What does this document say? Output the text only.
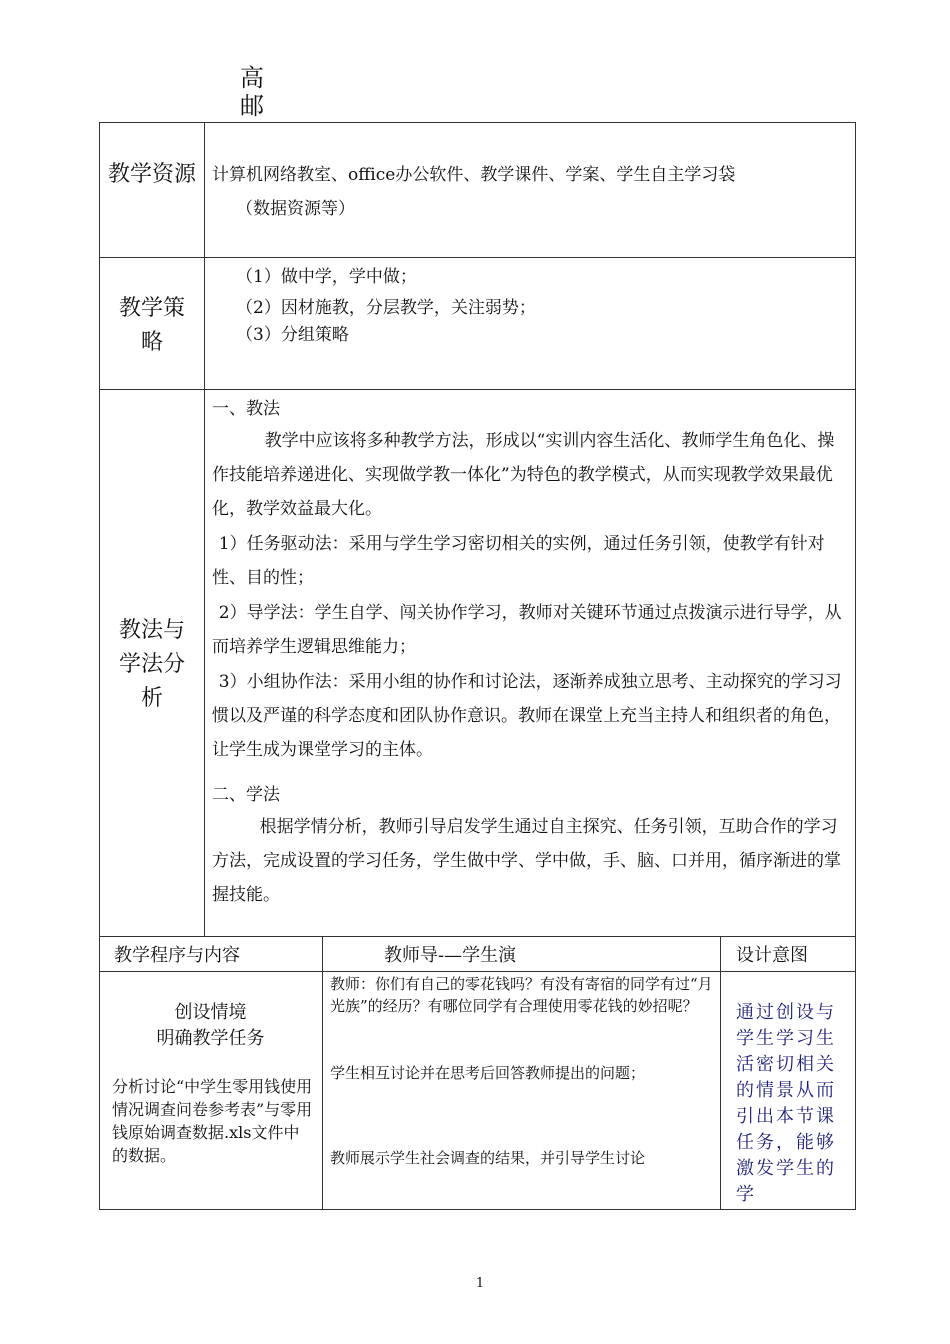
高
邮
教学资源 计算机网络教室、office办公软件、教学课件、学案、学生自主学习袋
（数据资源等）
教学策略
（1）做中学，学中做；
（2）因材施教，分层教学，关注弱势；
（3）分组策略
教法与学法分析
一、教法
教学中应该将多种教学方法，形成以“实训内容生活化、教师学生角色化、操作技能培养递进化、实现做学教一体化”为特色的教学模式，从而实现教学效果最优化，教学效益最大化。
1）任务驱动法：采用与学生学习密切相关的实例，通过任务引领，使教学有针对性、目的性；
2）导学法：学生自学、闯关协作学习，教师对关键环节通过点拨演示进行导学，从而培养学生逻辑思维能力；
3）小组协作法：采用小组的协作和讨论法，逐渐养成独立思考、主动探究的学习习惯以及严谨的科学态度和团队协作意识。教师在课堂上充当主持人和组织者的角色，让学生成为课堂学习的主体。
二、学法
根据学情分析，教师引导启发学生通过自主探究、任务引领，互助合作的学习方法，完成设置的学习任务，学生做中学、学中做，手、脑、口并用，循序渐进的掌握技能。
教学程序与内容	教师导-—学生演	设计意图
创设情境
明确教学任务
分析讨论“中学生零用钱使用情况调查问卷参考表”与零用钱原始调查数据.xls文件中的数据。
教师：你们有自己的零花钱吗？有没有寄宿的同学有过“月光族”的经历？有哪位同学有合理使用零花钱的妙招呢？
学生相互讨论并在思考后回答教师提出的问题；
教师展示学生社会调查的结果，并引导学生讨论
通过创设与学生学习生活密切相关的情景从而引出本节课任务，能够激发学生的学
1
